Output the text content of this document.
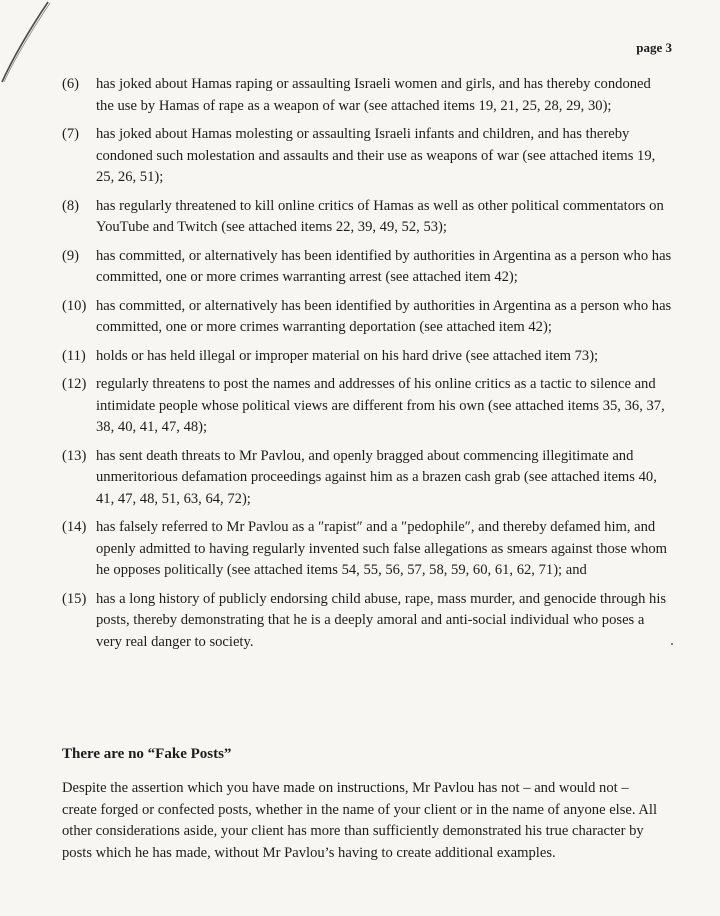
page 3
(6)	has joked about Hamas raping or assaulting Israeli women and girls, and has thereby condoned the use by Hamas of rape as a weapon of war (see attached items 19, 21, 25, 28, 29, 30);
(7)	has joked about Hamas molesting or assaulting Israeli infants and children, and has thereby condoned such molestation and assaults and their use as weapons of war (see attached items 19, 25, 26, 51);
(8)	has regularly threatened to kill online critics of Hamas as well as other political commentators on YouTube and Twitch (see attached items 22, 39, 49, 52, 53);
(9)	has committed, or alternatively has been identified by authorities in Argentina as a person who has committed, one or more crimes warranting arrest (see attached item 42);
(10) has committed, or alternatively has been identified by authorities in Argentina as a person who has committed, one or more crimes warranting deportation (see attached item 42);
(11) holds or has held illegal or improper material on his hard drive (see attached item 73);
(12) regularly threatens to post the names and addresses of his online critics as a tactic to silence and intimidate people whose political views are different from his own (see attached items 35, 36, 37, 38, 40, 41, 47, 48);
(13) has sent death threats to Mr Pavlou, and openly bragged about commencing illegitimate and unmeritorious defamation proceedings against him as a brazen cash grab (see attached items 40, 41, 47, 48, 51, 63, 64, 72);
(14) has falsely referred to Mr Pavlou as a ″rapist″ and a ″pedophile″, and thereby defamed him, and openly admitted to having regularly invented such false allegations as smears against those whom he opposes politically (see attached items 54, 55, 56, 57, 58, 59, 60, 61, 62, 71); and
(15) has a long history of publicly endorsing child abuse, rape, mass murder, and genocide through his posts, thereby demonstrating that he is a deeply amoral and anti-social individual who poses a very real danger to society.
There are no “Fake Posts”
Despite the assertion which you have made on instructions, Mr Pavlou has not – and would not – create forged or confected posts, whether in the name of your client or in the name of anyone else. All other considerations aside, your client has more than sufficiently demonstrated his true character by posts which he has made, without Mr Pavlou’s having to create additional examples.
